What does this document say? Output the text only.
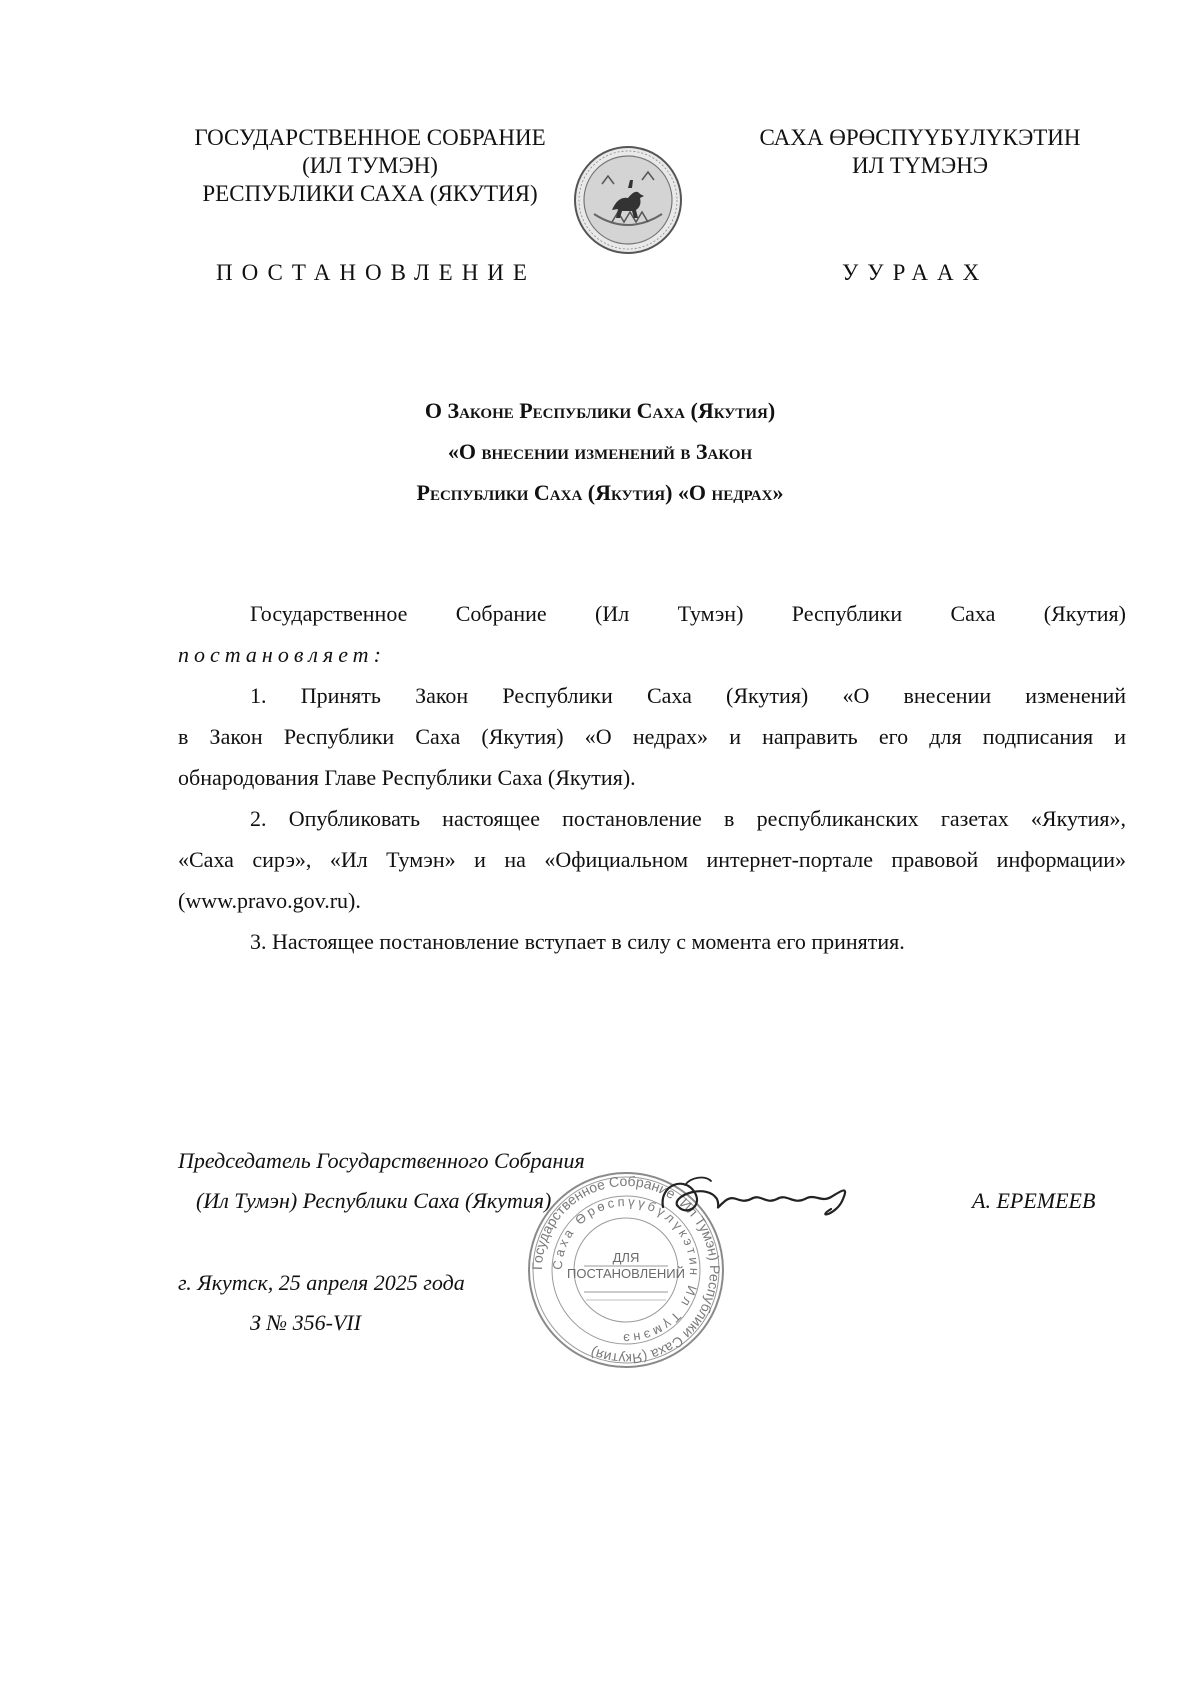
ГОСУДАРСТВЕННОЕ СОБРАНИЕ
(ИЛ ТУМЭН)
РЕСПУБЛИКИ САХА (ЯКУТИЯ)
САХА ӨРӨСПҮҮБҮЛҮКЭТИН
ИЛ ТҮМЭНЭ
ПОСТАНОВЛЕНИЕ	УУРААХ
О Законе Республики Саха (Якутия)
«О внесении изменений в Закон
Республики Саха (Якутия) «О недрах»
Государственное Собрание (Ил Тумэн) Республики Саха (Якутия)
постановляет:
1. Принять Закон Республики Саха (Якутия) «О внесении изменений
в Закон Республики Саха (Якутия) «О недрах» и направить его для подписания и
обнародования Главе Республики Саха (Якутия).
2. Опубликовать настоящее постановление в республиканских газетах «Якутия»,
«Саха сирэ», «Ил Тумэн» и на «Официальном интернет-портале правовой информации»
(www.pravo.gov.ru).
3. Настоящее постановление вступает в силу с момента его принятия.
Государственное Собрание (Ил Тумэн) Республики Саха (Якутия)
Саха Өрөспүүбүлүкэтин Ил Түмэнэ
ДЛЯ
ПОСТАНОВЛЕНИЙ
Председатель Государственного Собрания
(Ил Тумэн) Республики Саха (Якутия)	А. ЕРЕМЕЕВ
г. Якутск, 25 апреля 2025 года
З № 356-VII
